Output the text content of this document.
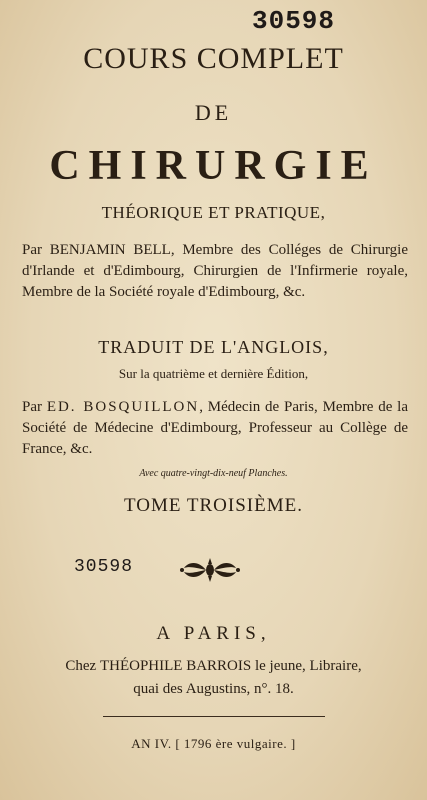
30598
COURS COMPLET
DE
CHIRURGIE
THÉORIQUE ET PRATIQUE,
Par BENJAMIN BELL, Membre des Colléges de Chirurgie d'Irlande et d'Edimbourg, Chirurgien de l'Infirmerie royale, Membre de la Société royale d'Edimbourg, &c.
TRADUIT DE L'ANGLOIS,
Sur la quatrième et dernière Édition,
Par ED. BOSQUILLON, Médecin de Paris, Membre de la Société de Médecine d'Edimbourg, Professeur au Collège de France, &c.
Avec quatre-vingt-dix-neuf Planches.
TOME TROISIÈME.
30598
A PARIS,
Chez THÉOPHILE BARROIS le jeune, Libraire,
quai des Augustins, n°. 18.
AN IV. [ 1796 ère vulgaire. ]
